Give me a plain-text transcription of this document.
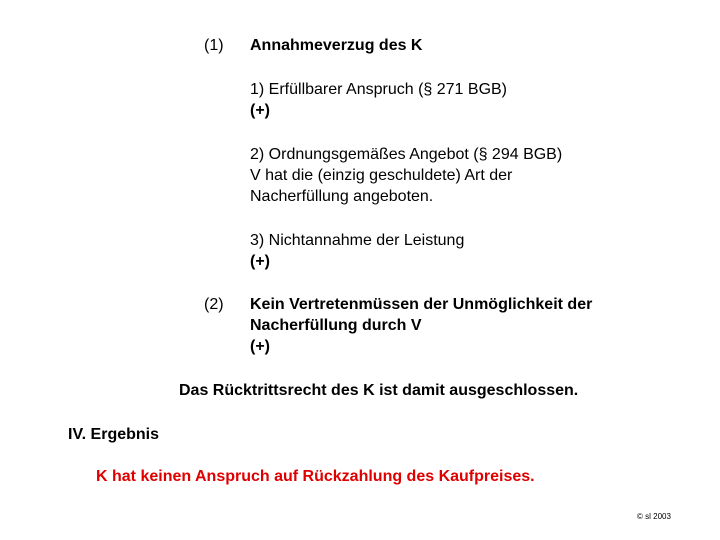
(1) Annahmeverzug des K

1) Erfüllbarer Anspruch (§ 271 BGB)

(+)

2) Ordnungsgemäßes Angebot (§ 294 BGB)

V hat die (einzig geschuldete) Art der

Nacherfüllung angeboten.

3) Nichtannahme der Leistung

(+)

(2) Kein Vertretenmüssen der Unmöglichkeit der

Nacherfüllung durch V

(+)

Das Rücktrittsrecht des K ist damit ausgeschlossen.

IV. Ergebnis

K hat keinen Anspruch auf Rückzahlung des Kaufpreises.

© sl 2003
